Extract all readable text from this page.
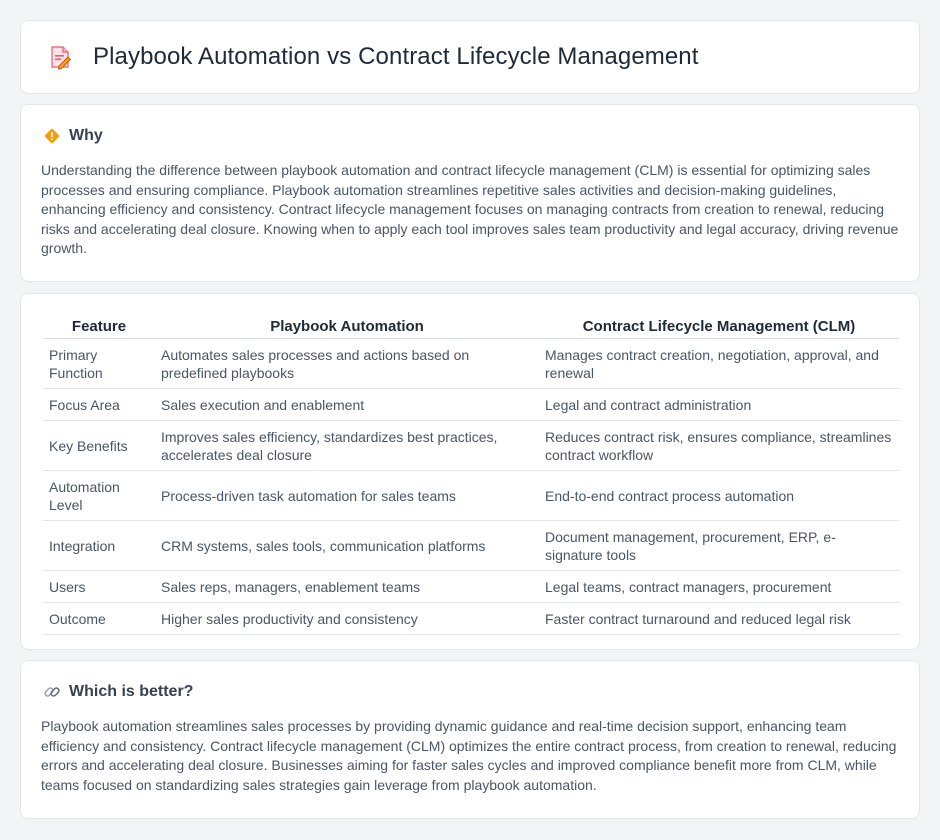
Playbook Automation vs Contract Lifecycle Management
Why

Understanding the difference between playbook automation and contract lifecycle management (CLM) is essential for optimizing sales processes and ensuring compliance. Playbook automation streamlines repetitive sales activities and decision-making guidelines, enhancing efficiency and consistency. Contract lifecycle management focuses on managing contracts from creation to renewal, reducing risks and accelerating deal closure. Knowing when to apply each tool improves sales team productivity and legal accuracy, driving revenue growth.

Feature	Playbook Automation	Contract Lifecycle Management (CLM)
Primary Function	Automates sales processes and actions based on predefined playbooks	Manages contract creation, negotiation, approval, and renewal
Focus Area	Sales execution and enablement	Legal and contract administration
Key Benefits	Improves sales efficiency, standardizes best practices, accelerates deal closure	Reduces contract risk, ensures compliance, streamlines contract workflow
Automation Level	Process-driven task automation for sales teams	End-to-end contract process automation
Integration	CRM systems, sales tools, communication platforms	Document management, procurement, ERP, e-signature tools
Users	Sales reps, managers, enablement teams	Legal teams, contract managers, procurement
Outcome	Higher sales productivity and consistency	Faster contract turnaround and reduced legal risk
Which is better?

Playbook automation streamlines sales processes by providing dynamic guidance and real-time decision support, enhancing team efficiency and consistency. Contract lifecycle management (CLM) optimizes the entire contract process, from creation to renewal, reducing errors and accelerating deal closure. Businesses aiming for faster sales cycles and improved compliance benefit more from CLM, while teams focused on standardizing sales strategies gain leverage from playbook automation.
